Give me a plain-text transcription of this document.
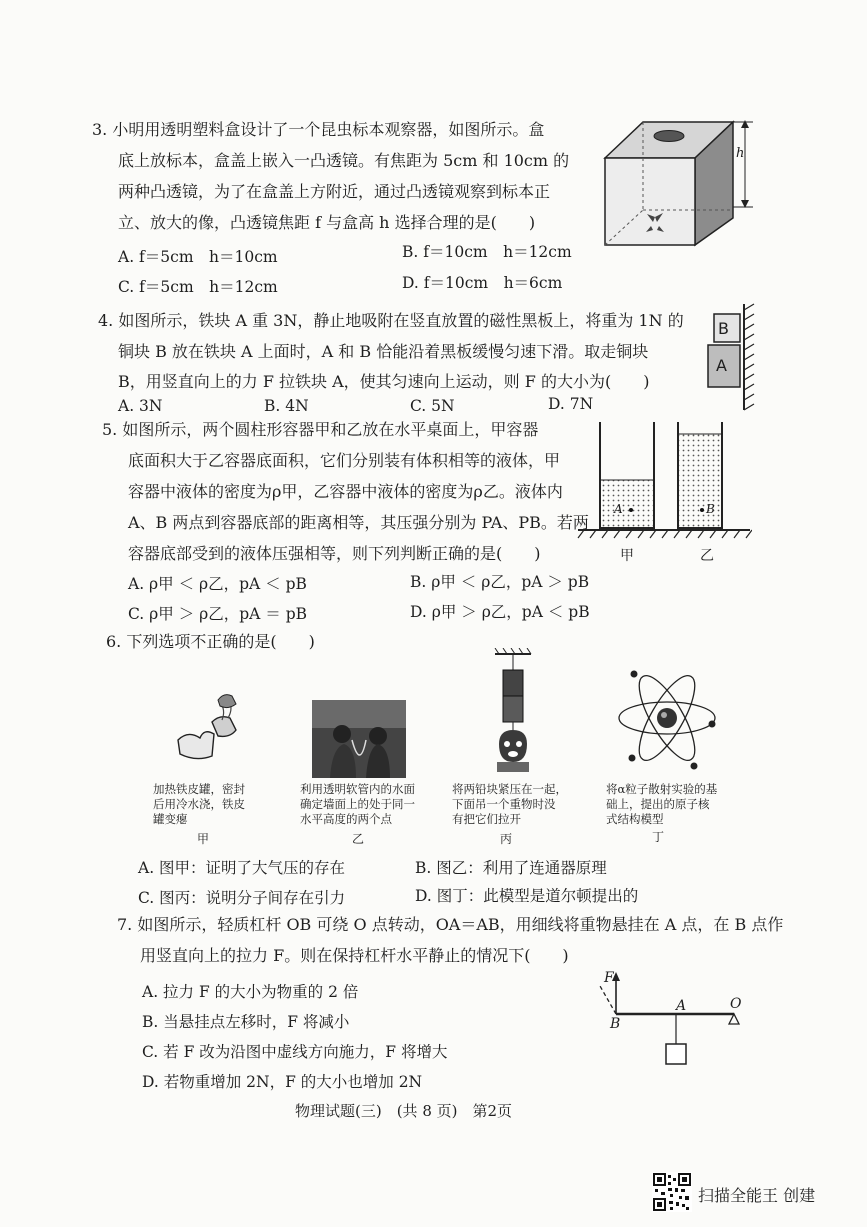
3. 小明用透明塑料盒设计了一个昆虫标本观察器，如图所示。盒
底上放标本，盒盖上嵌入一凸透镜。有焦距为 5cm 和 10cm 的
两种凸透镜，为了在盒盖上方附近，通过凸透镜观察到标本正
立、放大的像，凸透镜焦距 f 与盒高 h 选择合理的是(　　)
A. f＝5cm　h＝10cm	B. f＝10cm　h＝12cm
C. f＝5cm　h＝12cm	D. f＝10cm　h＝6cm
h
4. 如图所示，铁块 A 重 3N，静止地吸附在竖直放置的磁性黑板上，将重为 1N 的
铜块 B 放在铁块 A 上面时，A 和 B 恰能沿着黑板缓慢匀速下滑。取走铜块
B，用竖直向上的力 F 拉铁块 A，使其匀速向上运动，则 F 的大小为(　　)
A. 3N	B. 4N	C. 5N	D. 7N
B
A
5. 如图所示，两个圆柱形容器甲和乙放在水平桌面上，甲容器
底面积大于乙容器底面积，它们分别装有体积相等的液体，甲
容器中液体的密度为ρ甲，乙容器中液体的密度为ρ乙。液体内
A、B 两点到容器底部的距离相等，其压强分别为 PA、PB。若两
容器底部受到的液体压强相等，则下列判断正确的是(　　)
A. ρ甲 ＜ ρ乙，pA ＜ pB	B. ρ甲 ＜ ρ乙，pA ＞ pB
C. ρ甲 ＞ ρ乙，pA ＝ pB	D. ρ甲 ＞ ρ乙，pA ＜ pB
A	B
甲	乙
6. 下列选项不正确的是(　　)
加热铁皮罐，密封
后用冷水浇，铁皮
罐变瘪
甲
利用透明软管内的水面
确定墙面上的处于同一
水平高度的两个点
乙
将两铅块紧压在一起，
下面吊一个重物时没
有把它们拉开
丙
将α粒子散射实验的基
础上，提出的原子核
式结构模型
丁
A. 图甲：证明了大气压的存在	B. 图乙：利用了连通器原理
C. 图丙：说明分子间存在引力	D. 图丁：此模型是道尔顿提出的
7. 如图所示，轻质杠杆 OB 可绕 O 点转动，OA＝AB，用细线将重物悬挂在 A 点，在 B 点作
用竖直向上的拉力 F。则在保持杠杆水平静止的情况下(　　)
A. 拉力 F 的大小为物重的 2 倍
B. 当悬挂点左移时，F 将减小
C. 若 F 改为沿图中虚线方向施力，F 将增大
D. 若物重增加 2N，F 的大小也增加 2N
F
B
A	O
物理试题(三)　(共 8 页)　第2页
扫描全能王 创建
